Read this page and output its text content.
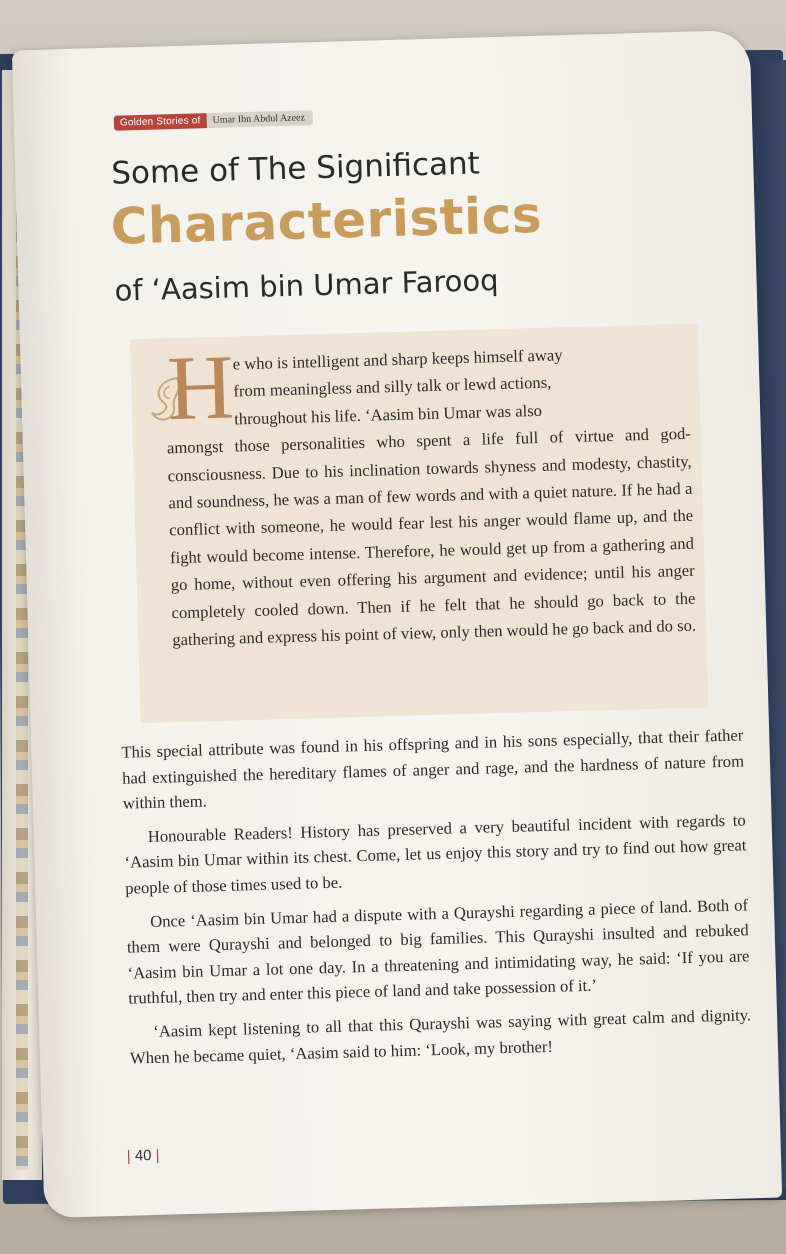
Golden Stories of	Umar Ibn Abdul Azeez
Some of The Significant
Characteristics
of ‘Aasim bin Umar Farooq
H
e who is intelligent and sharp keeps himself away
from meaningless and silly talk or lewd actions,
throughout his life. ‘Aasim bin Umar was also
amongst those personalities who spent a life full of virtue and god-consciousness. Due to his inclination towards shyness and modesty, chastity, and soundness, he was a man of few words and with a quiet nature. If he had a conflict with someone, he would fear lest his anger would flame up, and the fight would become intense. Therefore, he would get up from a gathering and go home, without even offering his argument and evidence; until his anger completely cooled down. Then if he felt that he should go back to the gathering and express his point of view, only then would he go back and do so.

This special attribute was found in his offspring and in his sons especially, that their father had extinguished the hereditary flames of anger and rage, and the hardness of nature from within them.

Honourable Readers! History has preserved a very beautiful incident with regards to ‘Aasim bin Umar within its chest. Come, let us enjoy this story and try to find out how great people of those times used to be.

Once ‘Aasim bin Umar had a dispute with a Qurayshi regarding a piece of land. Both of them were Qurayshi and belonged to big families. This Qurayshi insulted and rebuked ‘Aasim bin Umar a lot one day. In a threatening and intimidating way, he said: ‘If you are truthful, then try and enter this piece of land and take possession of it.’

‘Aasim kept listening to all that this Qurayshi was saying with great calm and dignity. When he became quiet, ‘Aasim said to him: ‘Look, my brother!

| 40 |
